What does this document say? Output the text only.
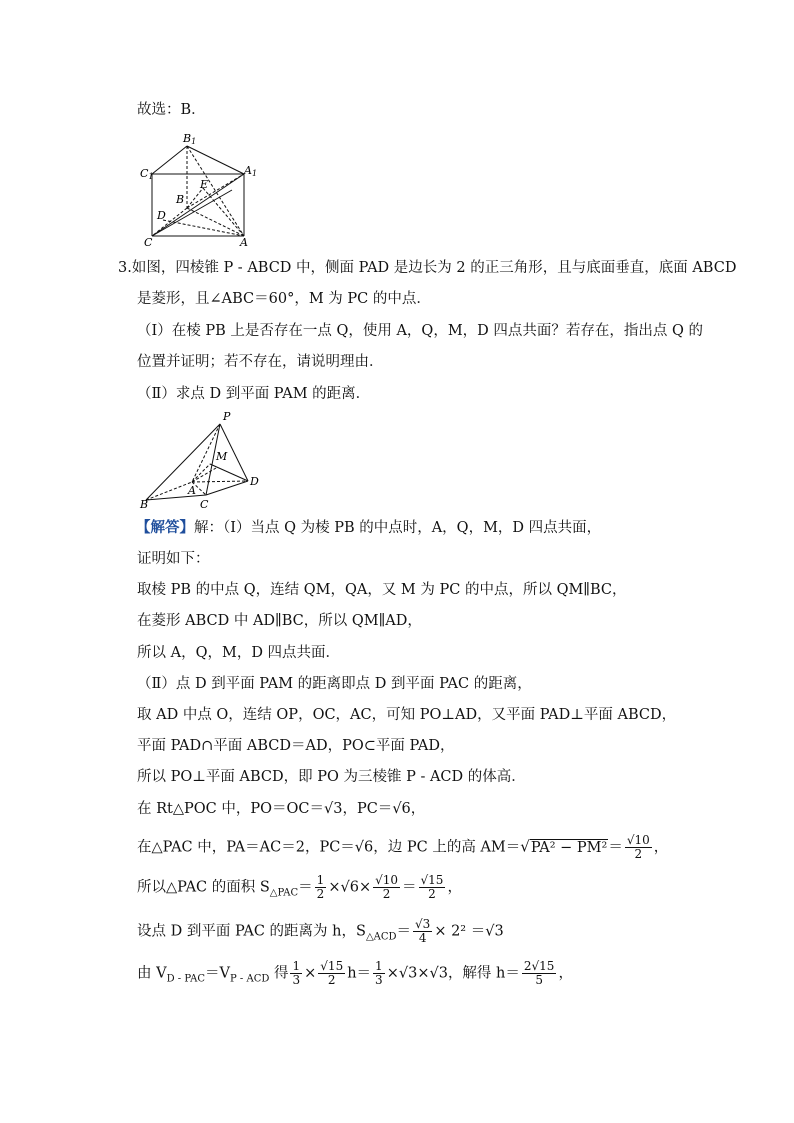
故选：B．
B1
C1	A1
E
B
D
C	A
3.如图，四棱锥 P - ABCD 中，侧面 PAD 是边长为 2 的正三角形，且与底面垂直，底面 ABCD
是菱形，且∠ABC＝60°，M 为 PC 的中点．
（Ⅰ）在棱 PB 上是否存在一点 Q，使用 A，Q，M，D 四点共面？若存在，指出点 Q 的
位置并证明；若不存在，请说明理由．
（Ⅱ）求点 D 到平面 PAM 的距离．
P
M
A
B	C
D
【解答】解：（Ⅰ）当点 Q 为棱 PB 的中点时，A，Q，M，D 四点共面，
证明如下：
取棱 PB 的中点 Q，连结 QM，QA，又 M 为 PC 的中点，所以 QM∥BC，
在菱形 ABCD 中 AD∥BC，所以 QM∥AD，
所以 A，Q，M，D 四点共面．
（Ⅱ）点 D 到平面 PAM 的距离即点 D 到平面 PAC 的距离，
取 AD 中点 O，连结 OP，OC，AC，可知 PO⊥AD，又平面 PAD⊥平面 ABCD，
平面 PAD∩平面 ABCD＝AD，PO⊂平面 PAD，
所以 PO⊥平面 ABCD，即 PO 为三棱锥 P - ACD 的体高．
在 Rt△POC 中，PO＝OC＝√3，PC＝√6，
在△PAC 中，PA＝AC＝2，PC＝√6，边 PC 上的高 $AM=√PA^2 - PM^2= \frac{√10}{2}$ ，
所以△PAC 的面积 $S_{\triangle PAC}= \frac{1}{2} \times√6\times \frac{√10}{2} = \frac{√15}{2}$ ，
设点 D 到平面 PAC 的距离为 h，$S_{\triangle ACD}= \frac{√3}{4} \times 2^2 =√3$
由 $V_{D - PAC}=V_{P - ACD}$ 得 $\frac{1}{3} \times \frac{√15}{2} h= \frac{1}{3} \times√3\times√3$，解得 $h= \frac{2√15}{5}$ ，
